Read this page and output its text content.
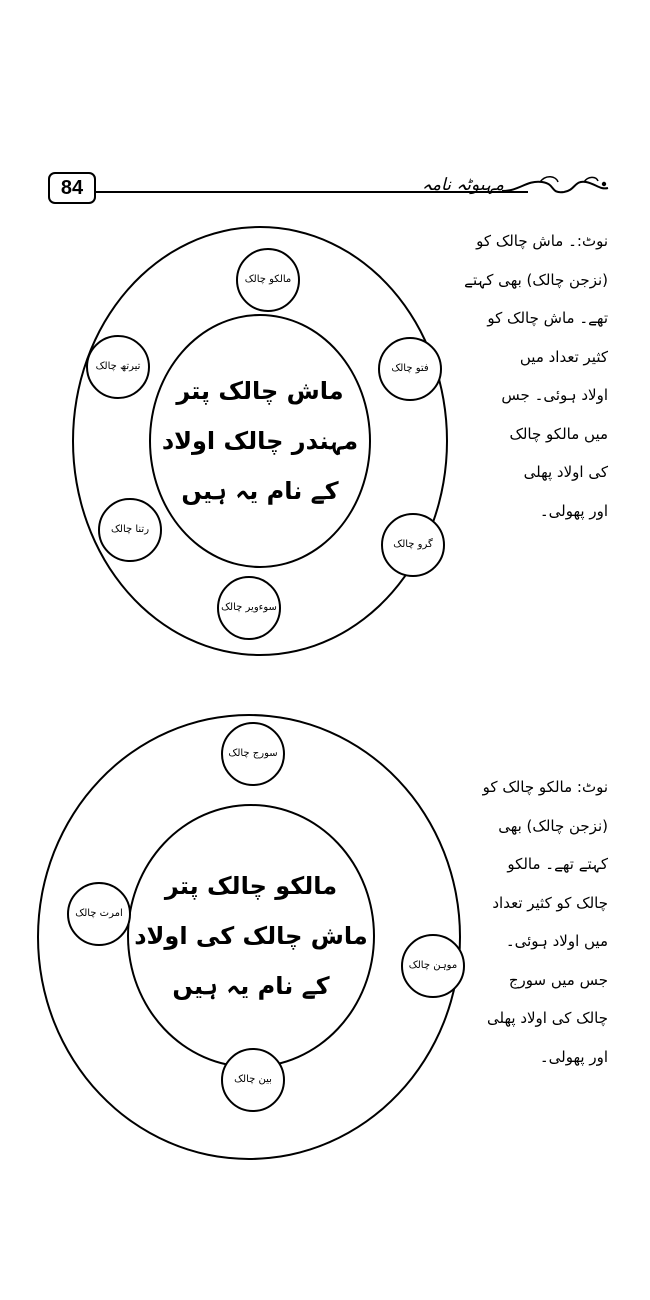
84	مہبوٹہ نامہ
ماش چالک پتر
مہندر چالک اولاد
کے نام یہ ہیں
مالکو چالک
فتو چالک
گرو چالک
سوءویر چالک
رتنا چالک
تیرتھ چالک
نوٹ:۔ ماش چالک کو
(نزجن چالک) بھی کہتے
تھے۔ ماش چالک کو
کثیر تعداد میں
اولاد ہوئی۔ جس
میں مالکو چالک
کی اولاد پھلی
اور پھولی۔
مالکو چالک پتر
ماش چالک کی اولاد
کے نام یہ ہیں
سورج چالک
موہن چالک
بین چالک
امرت چالک
نوٹ: مالکو چالک کو
(نزجن چالک) بھی
کہتے تھے۔ مالکو
چالک کو کثیر تعداد
میں اولاد ہوئی۔
جس میں سورج
چالک کی اولاد پھلی
اور پھولی۔
